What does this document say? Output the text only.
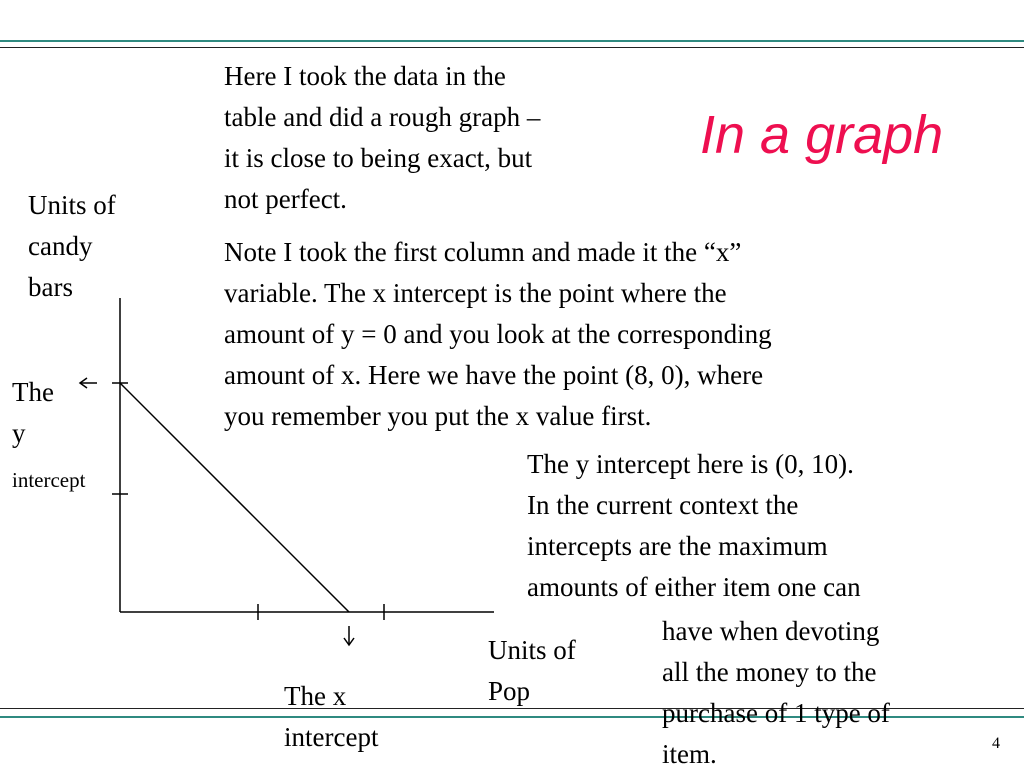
In a graph
Here I took the data in the
table and did a rough graph –
it is close to being exact, but
not perfect.
Note I took the first column and made it the “x”
variable. The x intercept is the point where the
amount of y = 0 and you look at the corresponding
amount of x. Here we have the point (8, 0), where
you remember you put the x value first.
The y intercept here is (0, 10).
In the current context the
intercepts are the maximum
amounts of either item one can
have when devoting
all the money to the
purchase of 1 type of
item.
Units of
candy
bars
The
y
intercept
Units of
Pop
The x
intercept	4
